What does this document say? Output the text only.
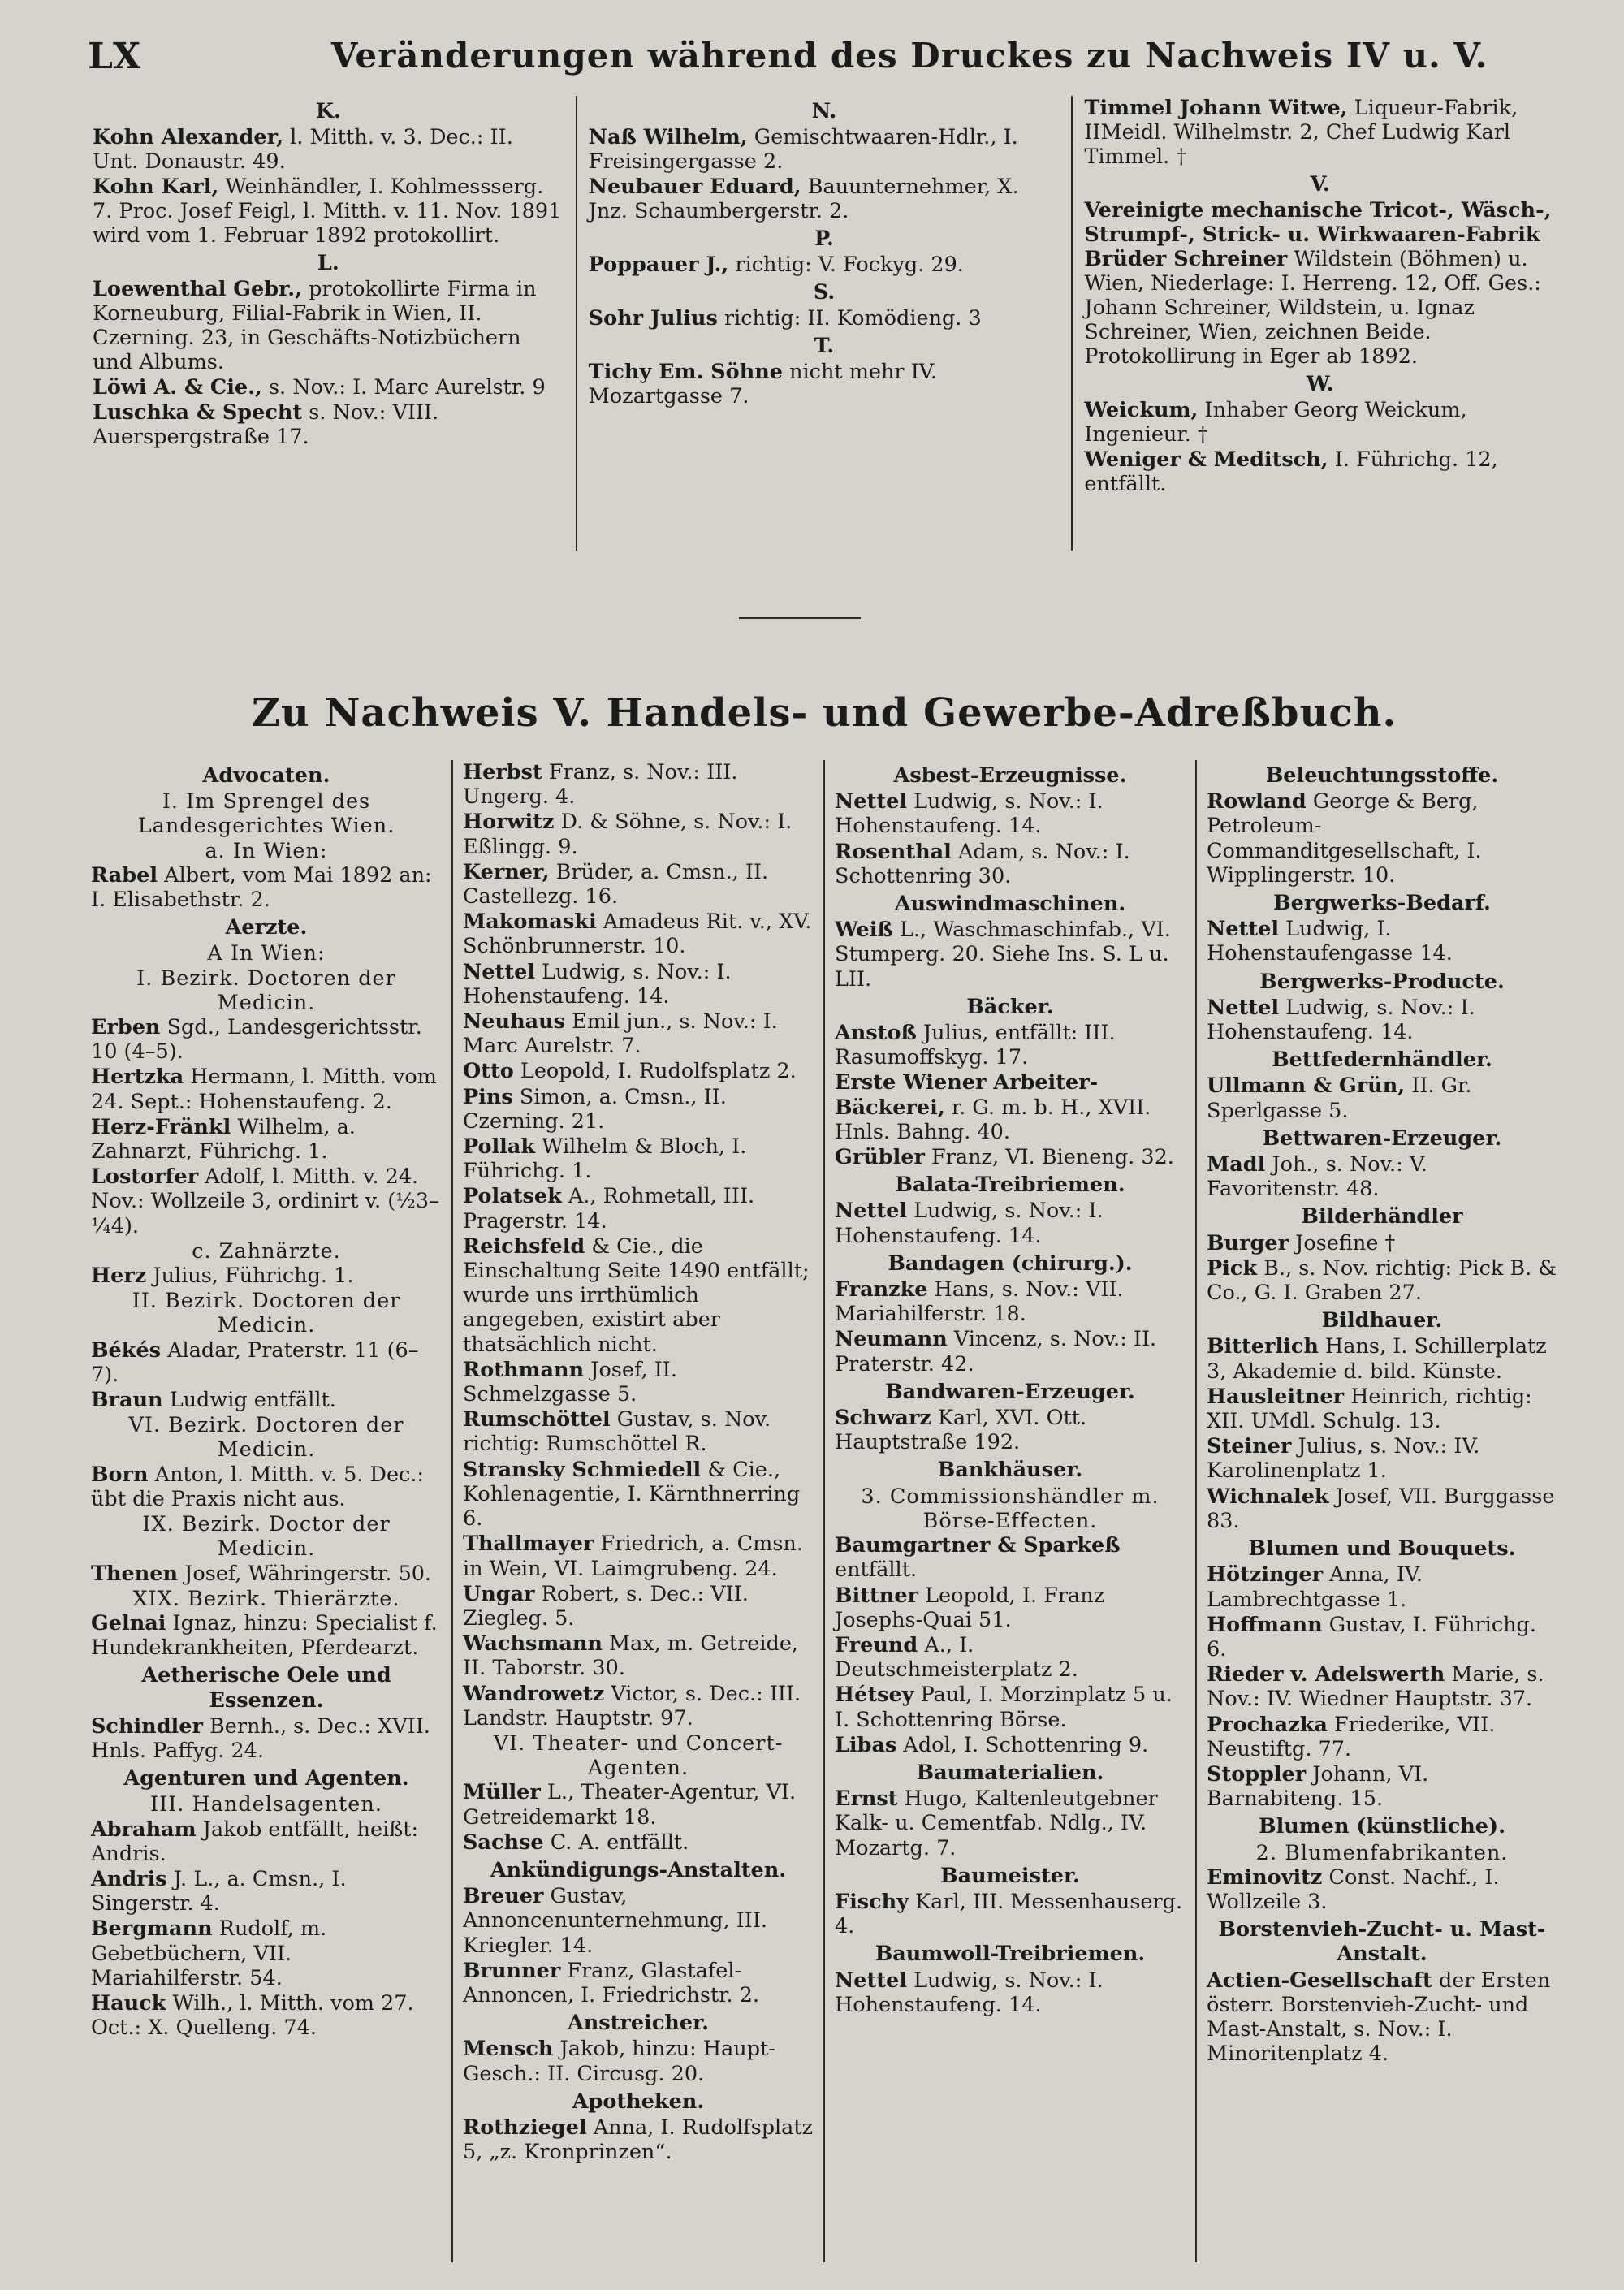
LX	Veränderungen während des Druckes zu Nachweis IV u. V.
K.
Kohn Alexander, l. Mitth. v. 3. Dec.: II. Unt. Donaustr. 49.
Kohn Karl, Weinhändler, I. Kohlmessserg. 7. Proc. Josef Feigl, l. Mitth. v. 11. Nov. 1891 wird vom 1. Februar 1892 protokollirt.
L.
Loewenthal Gebr., protokollirte Firma in Korneuburg, Filial-Fabrik in Wien, II. Czerning. 23, in Geschäfts-Notizbüchern und Albums.
Löwi A. & Cie., s. Nov.: I. Marc Aurelstr. 9
Luschka & Specht s. Nov.: VIII. Auerspergstraße 17.
N.
Naß Wilhelm, Gemischtwaaren-Hdlr., I. Freisingergasse 2.
Neubauer Eduard, Bauunternehmer, X. Jnz. Schaumbergerstr. 2.
P.
Poppauer J., richtig: V. Fockyg. 29.
S.
Sohr Julius richtig: II. Komödieng. 3
T.
Tichy Em. Söhne nicht mehr IV. Mozartgasse 7.
Timmel Johann Witwe, Liqueur-Fabrik, IIMeidl. Wilhelmstr. 2, Chef Ludwig Karl Timmel. †
V.
Vereinigte mechanische Tricot-, Wäsch-, Strumpf-, Strick- u. Wirkwaaren-Fabrik Brüder Schreiner Wildstein (Böhmen) u. Wien, Niederlage: I. Herreng. 12, Off. Ges.: Johann Schreiner, Wildstein, u. Ignaz Schreiner, Wien, zeichnen Beide. Protokollirung in Eger ab 1892.
W.
Weickum, Inhaber Georg Weickum, Ingenieur. †
Weniger & Meditsch, I. Führichg. 12, entfällt.
Zu Nachweis V. Handels- und Gewerbe-Adreßbuch.
Advocaten.
I. Im Sprengel des Landesgerichtes Wien.
a. In Wien:
Rabel Albert, vom Mai 1892 an: I. Elisabethstr. 2.
Aerzte.
A In Wien:
I. Bezirk. Doctoren der Medicin.
Erben Sgd., Landesgerichtsstr. 10 (4–5).
Hertzka Hermann, l. Mitth. vom 24. Sept.: Hohenstaufeng. 2.
Herz-Fränkl Wilhelm, a. Zahnarzt, Führichg. 1.
Lostorfer Adolf, l. Mitth. v. 24. Nov.: Wollzeile 3, ordinirt v. (½3–¼4).
c. Zahnärzte.
Herz Julius, Führichg. 1.
II. Bezirk. Doctoren der Medicin.
Békés Aladar, Praterstr. 11 (6–7).
Braun Ludwig entfällt.
VI. Bezirk. Doctoren der Medicin.
Born Anton, l. Mitth. v. 5. Dec.: übt die Praxis nicht aus.
IX. Bezirk. Doctor der Medicin.
Thenen Josef, Währingerstr. 50.
XIX. Bezirk. Thierärzte.
Gelnai Ignaz, hinzu: Specialist f. Hundekrankheiten, Pferdearzt.
Aetherische Oele und Essenzen.
Schindler Bernh., s. Dec.: XVII. Hnls. Paffyg. 24.
Agenturen und Agenten.
III. Handelsagenten.
Abraham Jakob entfällt, heißt: Andris.
Andris J. L., a. Cmsn., I. Singerstr. 4.
Bergmann Rudolf, m. Gebetbüchern, VII. Mariahilferstr. 54.
Hauck Wilh., l. Mitth. vom 27. Oct.: X. Quelleng. 74.
Herbst Franz, s. Nov.: III. Ungerg. 4.
Horwitz D. & Söhne, s. Nov.: I. Eßlingg. 9.
Kerner, Brüder, a. Cmsn., II. Castellezg. 16.
Makomaski Amadeus Rit. v., XV. Schönbrunnerstr. 10.
Nettel Ludwig, s. Nov.: I. Hohenstaufeng. 14.
Neuhaus Emil jun., s. Nov.: I. Marc Aurelstr. 7.
Otto Leopold, I. Rudolfsplatz 2.
Pins Simon, a. Cmsn., II. Czerning. 21.
Pollak Wilhelm & Bloch, I. Führichg. 1.
Polatsek A., Rohmetall, III. Pragerstr. 14.
Reichsfeld & Cie., die Einschaltung Seite 1490 entfällt; wurde uns irrthümlich angegeben, existirt aber thatsächlich nicht.
Rothmann Josef, II. Schmelzgasse 5.
Rumschöttel Gustav, s. Nov. richtig: Rumschöttel R.
Stransky Schmiedell & Cie., Kohlenagentie, I. Kärnthnerring 6.
Thallmayer Friedrich, a. Cmsn. in Wein, VI. Laimgrubeng. 24.
Ungar Robert, s. Dec.: VII. Ziegleg. 5.
Wachsmann Max, m. Getreide, II. Taborstr. 30.
Wandrowetz Victor, s. Dec.: III. Landstr. Hauptstr. 97.
VI. Theater- und Concert-Agenten.
Müller L., Theater-Agentur, VI. Getreidemarkt 18.
Sachse C. A. entfällt.
Ankündigungs-Anstalten.
Breuer Gustav, Annoncenunternehmung, III. Kriegler. 14.
Brunner Franz, Glastafel-Annoncen, I. Friedrichstr. 2.
Anstreicher.
Mensch Jakob, hinzu: Haupt-Gesch.: II. Circusg. 20.
Apotheken.
Rothziegel Anna, I. Rudolfsplatz 5, „z. Kronprinzen“.
Asbest-Erzeugnisse.
Nettel Ludwig, s. Nov.: I. Hohenstaufeng. 14.
Rosenthal Adam, s. Nov.: I. Schottenring 30.
Auswindmaschinen.
Weiß L., Waschmaschinfab., VI. Stumperg. 20. Siehe Ins. S. L u. LII.
Bäcker.
Anstoß Julius, entfällt: III. Rasumoffskyg. 17.
Erste Wiener Arbeiter-Bäckerei, r. G. m. b. H., XVII. Hnls. Bahng. 40.
Grübler Franz, VI. Bieneng. 32.
Balata-Treibriemen.
Nettel Ludwig, s. Nov.: I. Hohenstaufeng. 14.
Bandagen (chirurg.).
Franzke Hans, s. Nov.: VII. Mariahilferstr. 18.
Neumann Vincenz, s. Nov.: II. Praterstr. 42.
Bandwaren-Erzeuger.
Schwarz Karl, XVI. Ott. Hauptstraße 192.
Bankhäuser.
3. Commissionshändler m. Börse-Effecten.
Baumgartner & Sparkeß entfällt.
Bittner Leopold, I. Franz Josephs-Quai 51.
Freund A., I. Deutschmeisterplatz 2.
Hétsey Paul, I. Morzinplatz 5 u. I. Schottenring Börse.
Libas Adol, I. Schottenring 9.
Baumaterialien.
Ernst Hugo, Kaltenleutgebner Kalk- u. Cementfab. Ndlg., IV. Mozartg. 7.
Baumeister.
Fischy Karl, III. Messenhauserg. 4.
Baumwoll-Treibriemen.
Nettel Ludwig, s. Nov.: I. Hohenstaufeng. 14.
Beleuchtungsstoffe.
Rowland George & Berg, Petroleum-Commanditgesellschaft, I. Wipplingerstr. 10.
Bergwerks-Bedarf.
Nettel Ludwig, I. Hohenstaufengasse 14.
Bergwerks-Producte.
Nettel Ludwig, s. Nov.: I. Hohenstaufeng. 14.
Bettfedernhändler.
Ullmann & Grün, II. Gr. Sperlgasse 5.
Bettwaren-Erzeuger.
Madl Joh., s. Nov.: V. Favoritenstr. 48.
Bilderhändler
Burger Josefine †
Pick B., s. Nov. richtig: Pick B. & Co., G. I. Graben 27.
Bildhauer.
Bitterlich Hans, I. Schillerplatz 3, Akademie d. bild. Künste.
Hausleitner Heinrich, richtig: XII. UMdl. Schulg. 13.
Steiner Julius, s. Nov.: IV. Karolinenplatz 1.
Wichnalek Josef, VII. Burggasse 83.
Blumen und Bouquets.
Hötzinger Anna, IV. Lambrechtgasse 1.
Hoffmann Gustav, I. Führichg. 6.
Rieder v. Adelswerth Marie, s. Nov.: IV. Wiedner Hauptstr. 37.
Prochazka Friederike, VII. Neustiftg. 77.
Stoppler Johann, VI. Barnabiteng. 15.
Blumen (künstliche).
2. Blumenfabrikanten.
Eminovitz Const. Nachf., I. Wollzeile 3.
Borstenvieh-Zucht- u. Mast-Anstalt.
Actien-Gesellschaft der Ersten österr. Borstenvieh-Zucht- und Mast-Anstalt, s. Nov.: I. Minoritenplatz 4.
